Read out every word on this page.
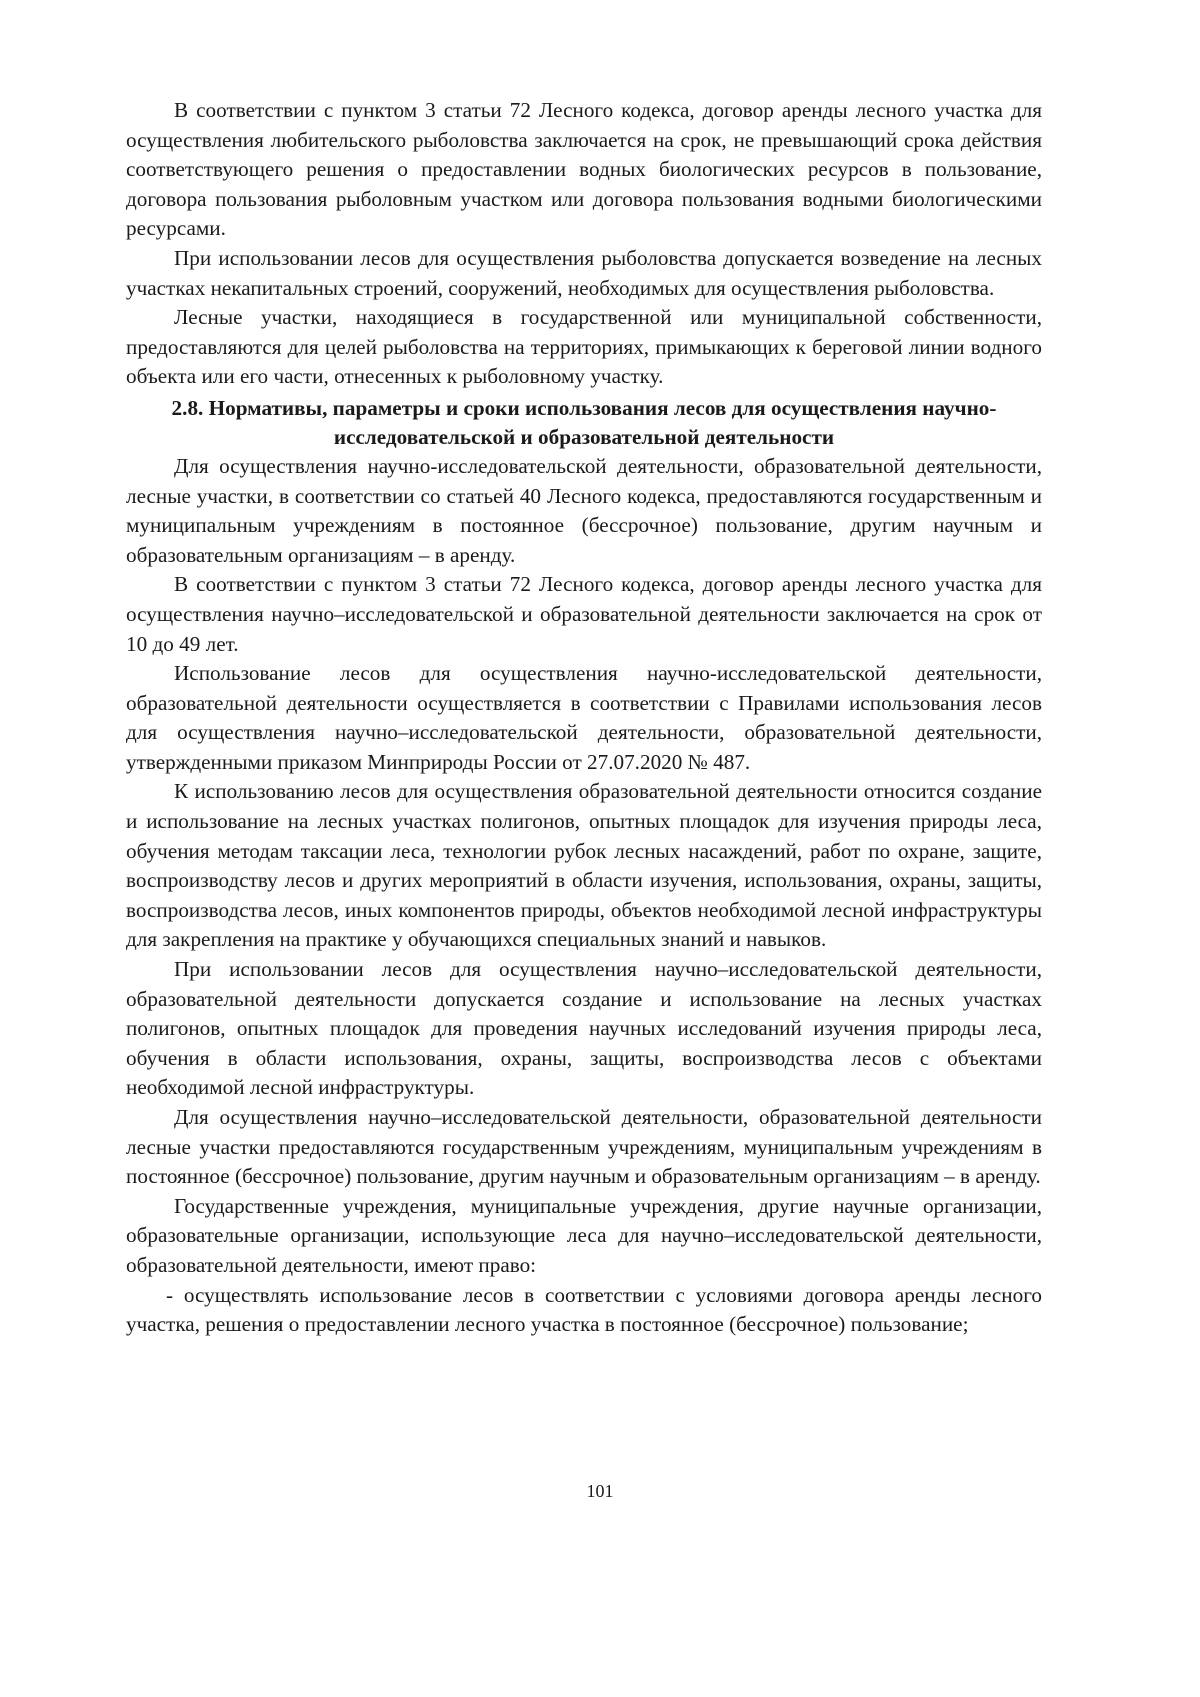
В соответствии с пунктом 3 статьи 72 Лесного кодекса, договор аренды лесного участка для осуществления любительского рыболовства заключается на срок, не превышающий срока действия соответствующего решения о предоставлении водных биологических ресурсов в пользование, договора пользования рыболовным участком или договора пользования водными биологическими ресурсами.

При использовании лесов для осуществления рыболовства допускается возведение на лесных участках некапитальных строений, сооружений, необходимых для осуществления рыболовства.

Лесные участки, находящиеся в государственной или муниципальной собственности, предоставляются для целей рыболовства на территориях, примыкающих к береговой линии водного объекта или его части, отнесенных к рыболовному участку.

2.8. Нормативы, параметры и сроки использования лесов для осуществления научно-исследовательской и образовательной деятельности

Для осуществления научно-исследовательской деятельности, образовательной деятельности, лесные участки, в соответствии со статьей 40 Лесного кодекса, предоставляются государственным и муниципальным учреждениям в постоянное (бессрочное) пользование, другим научным и образовательным организациям – в аренду.

В соответствии с пунктом 3 статьи 72 Лесного кодекса, договор аренды лесного участка для осуществления научно–исследовательской и образовательной деятельности заключается на срок от 10 до 49 лет.

Использование лесов для осуществления научно-исследовательской деятельности, образовательной деятельности осуществляется в соответствии с Правилами использования лесов для осуществления научно–исследовательской деятельности, образовательной деятельности, утвержденными приказом Минприроды России от 27.07.2020 № 487.

К использованию лесов для осуществления образовательной деятельности относится создание и использование на лесных участках полигонов, опытных площадок для изучения природы леса, обучения методам таксации леса, технологии рубок лесных насаждений, работ по охране, защите, воспроизводству лесов и других мероприятий в области изучения, использования, охраны, защиты, воспроизводства лесов, иных компонентов природы, объектов необходимой лесной инфраструктуры для закрепления на практике у обучающихся специальных знаний и навыков.

При использовании лесов для осуществления научно–исследовательской деятельности, образовательной деятельности допускается создание и использование на лесных участках полигонов, опытных площадок для проведения научных исследований изучения природы леса, обучения в области использования, охраны, защиты, воспроизводства лесов с объектами необходимой лесной инфраструктуры.

Для осуществления научно–исследовательской деятельности, образовательной деятельности лесные участки предоставляются государственным учреждениям, муниципальным учреждениям в постоянное (бессрочное) пользование, другим научным и образовательным организациям – в аренду.

Государственные учреждения, муниципальные учреждения, другие научные организации, образовательные организации, использующие леса для научно–исследовательской деятельности, образовательной деятельности, имеют право:

- осуществлять использование лесов в соответствии с условиями договора аренды лесного участка, решения о предоставлении лесного участка в постоянное (бессрочное) пользование;

101
